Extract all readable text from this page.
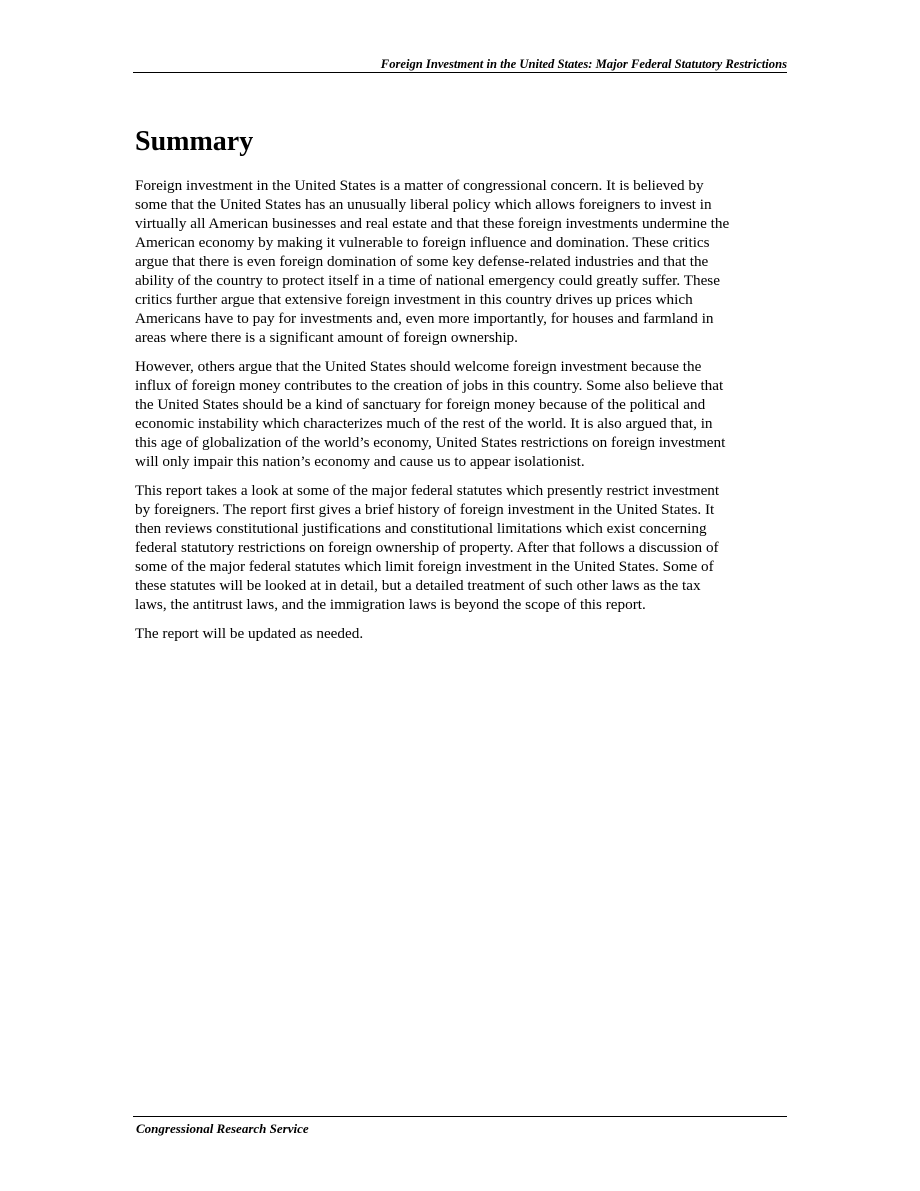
Foreign Investment in the United States: Major Federal Statutory Restrictions
Summary

Foreign investment in the United States is a matter of congressional concern. It is believed by
some that the United States has an unusually liberal policy which allows foreigners to invest in
virtually all American businesses and real estate and that these foreign investments undermine the
American economy by making it vulnerable to foreign influence and domination. These critics
argue that there is even foreign domination of some key defense-related industries and that the
ability of the country to protect itself in a time of national emergency could greatly suffer. These
critics further argue that extensive foreign investment in this country drives up prices which
Americans have to pay for investments and, even more importantly, for houses and farmland in
areas where there is a significant amount of foreign ownership.

However, others argue that the United States should welcome foreign investment because the
influx of foreign money contributes to the creation of jobs in this country. Some also believe that
the United States should be a kind of sanctuary for foreign money because of the political and
economic instability which characterizes much of the rest of the world. It is also argued that, in
this age of globalization of the world’s economy, United States restrictions on foreign investment
will only impair this nation’s economy and cause us to appear isolationist.

This report takes a look at some of the major federal statutes which presently restrict investment
by foreigners. The report first gives a brief history of foreign investment in the United States. It
then reviews constitutional justifications and constitutional limitations which exist concerning
federal statutory restrictions on foreign ownership of property. After that follows a discussion of
some of the major federal statutes which limit foreign investment in the United States. Some of
these statutes will be looked at in detail, but a detailed treatment of such other laws as the tax
laws, the antitrust laws, and the immigration laws is beyond the scope of this report.

The report will be updated as needed.

Congressional Research Service
